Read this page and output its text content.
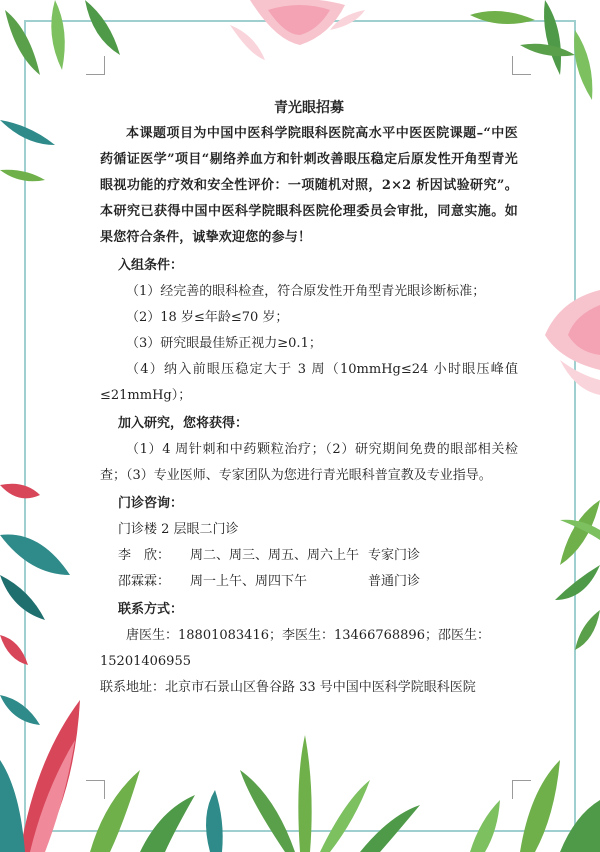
青光眼招募
本课题项目为中国中医科学院眼科医院高水平中医医院课题–“中医药循证医学”项目“剔络养血方和针刺改善眼压稳定后原发性开角型青光眼视功能的疗效和安全性评价：一项随机对照，2×2 析因试验研究”。本研究已获得中国中医科学院眼科医院伦理委员会审批，同意实施。如果您符合条件，诚挚欢迎您的参与！
入组条件：
（1）经完善的眼科检查，符合原发性开角型青光眼诊断标准；
（2）18 岁≤年龄≤70 岁；
（3）研究眼最佳矫正视力≥0.1；
（4）纳入前眼压稳定大于 3 周（10mmHg≤24 小时眼压峰值≤21mmHg）；
加入研究，您将获得：
（1）4 周针刺和中药颗粒治疗；（2）研究期间免费的眼部相关检查；（3）专业医师、专家团队为您进行青光眼科普宣教及专业指导。
门诊咨询：
门诊楼 2 层眼二门诊
李　欣：	周二、周三、周五、周六上午 专家门诊
邵霖霖：	周一上午、周四下午	普通门诊
联系方式：
唐医生：18801083416；李医生：13466768896；邵医生：15201406955
联系地址：北京市石景山区鲁谷路 33 号中国中医科学院眼科医院
